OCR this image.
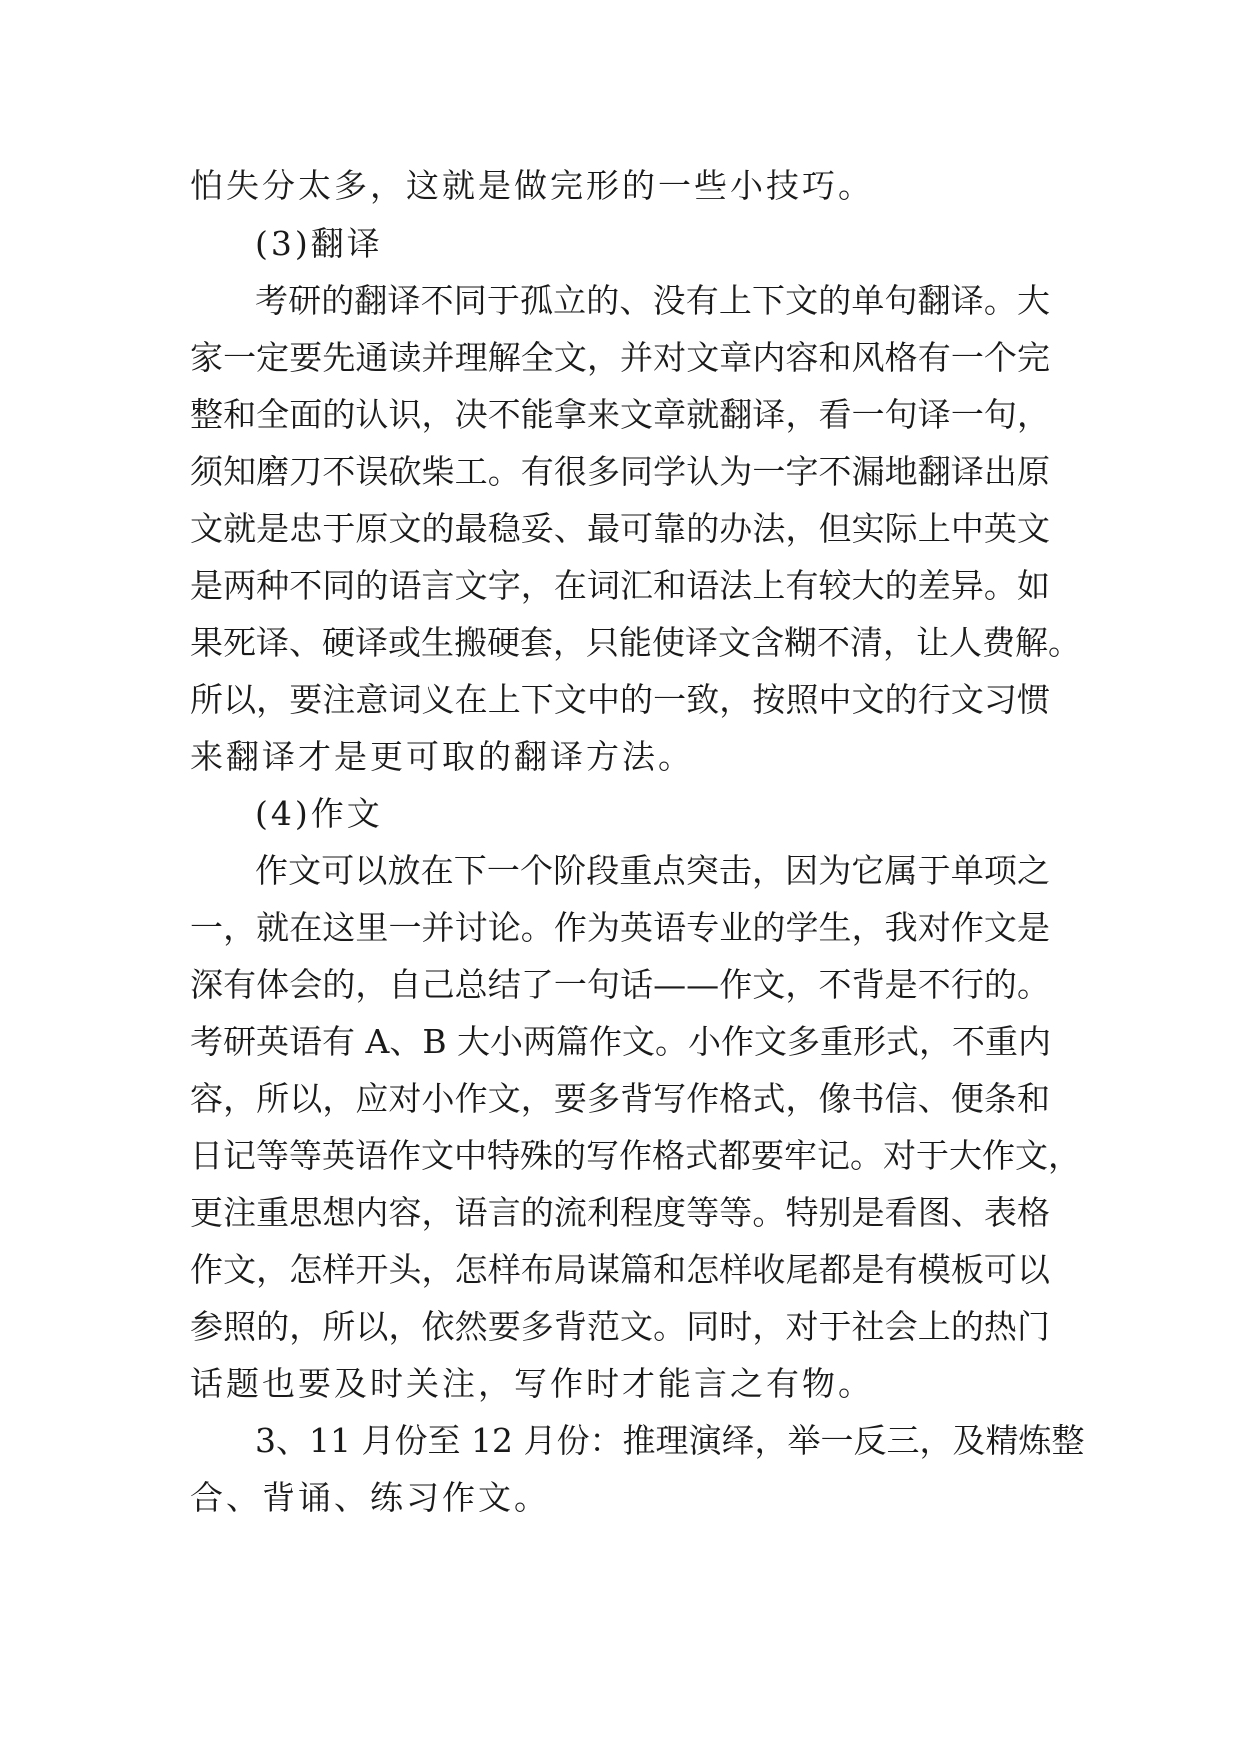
怕失分太多，这就是做完形的一些小技巧。
(3)翻译
考研的翻译不同于孤立的、没有上下文的单句翻译。大
家一定要先通读并理解全文，并对文章内容和风格有一个完
整和全面的认识，决不能拿来文章就翻译，看一句译一句，
须知磨刀不误砍柴工。有很多同学认为一字不漏地翻译出原
文就是忠于原文的最稳妥、最可靠的办法，但实际上中英文
是两种不同的语言文字，在词汇和语法上有较大的差异。如
果死译、硬译或生搬硬套，只能使译文含糊不清，让人费解。
所以，要注意词义在上下文中的一致，按照中文的行文习惯
来翻译才是更可取的翻译方法。
(4)作文
作文可以放在下一个阶段重点突击，因为它属于单项之
一，就在这里一并讨论。作为英语专业的学生，我对作文是
深有体会的，自己总结了一句话——作文，不背是不行的。
考研英语有 A、B 大小两篇作文。小作文多重形式，不重内
容，所以，应对小作文，要多背写作格式，像书信、便条和
日记等等英语作文中特殊的写作格式都要牢记。对于大作文，
更注重思想内容，语言的流利程度等等。特别是看图、表格
作文，怎样开头，怎样布局谋篇和怎样收尾都是有模板可以
参照的，所以，依然要多背范文。同时，对于社会上的热门
话题也要及时关注，写作时才能言之有物。
3、11 月份至 12 月份：推理演绎，举一反三，及精炼整
合、背诵、练习作文。
